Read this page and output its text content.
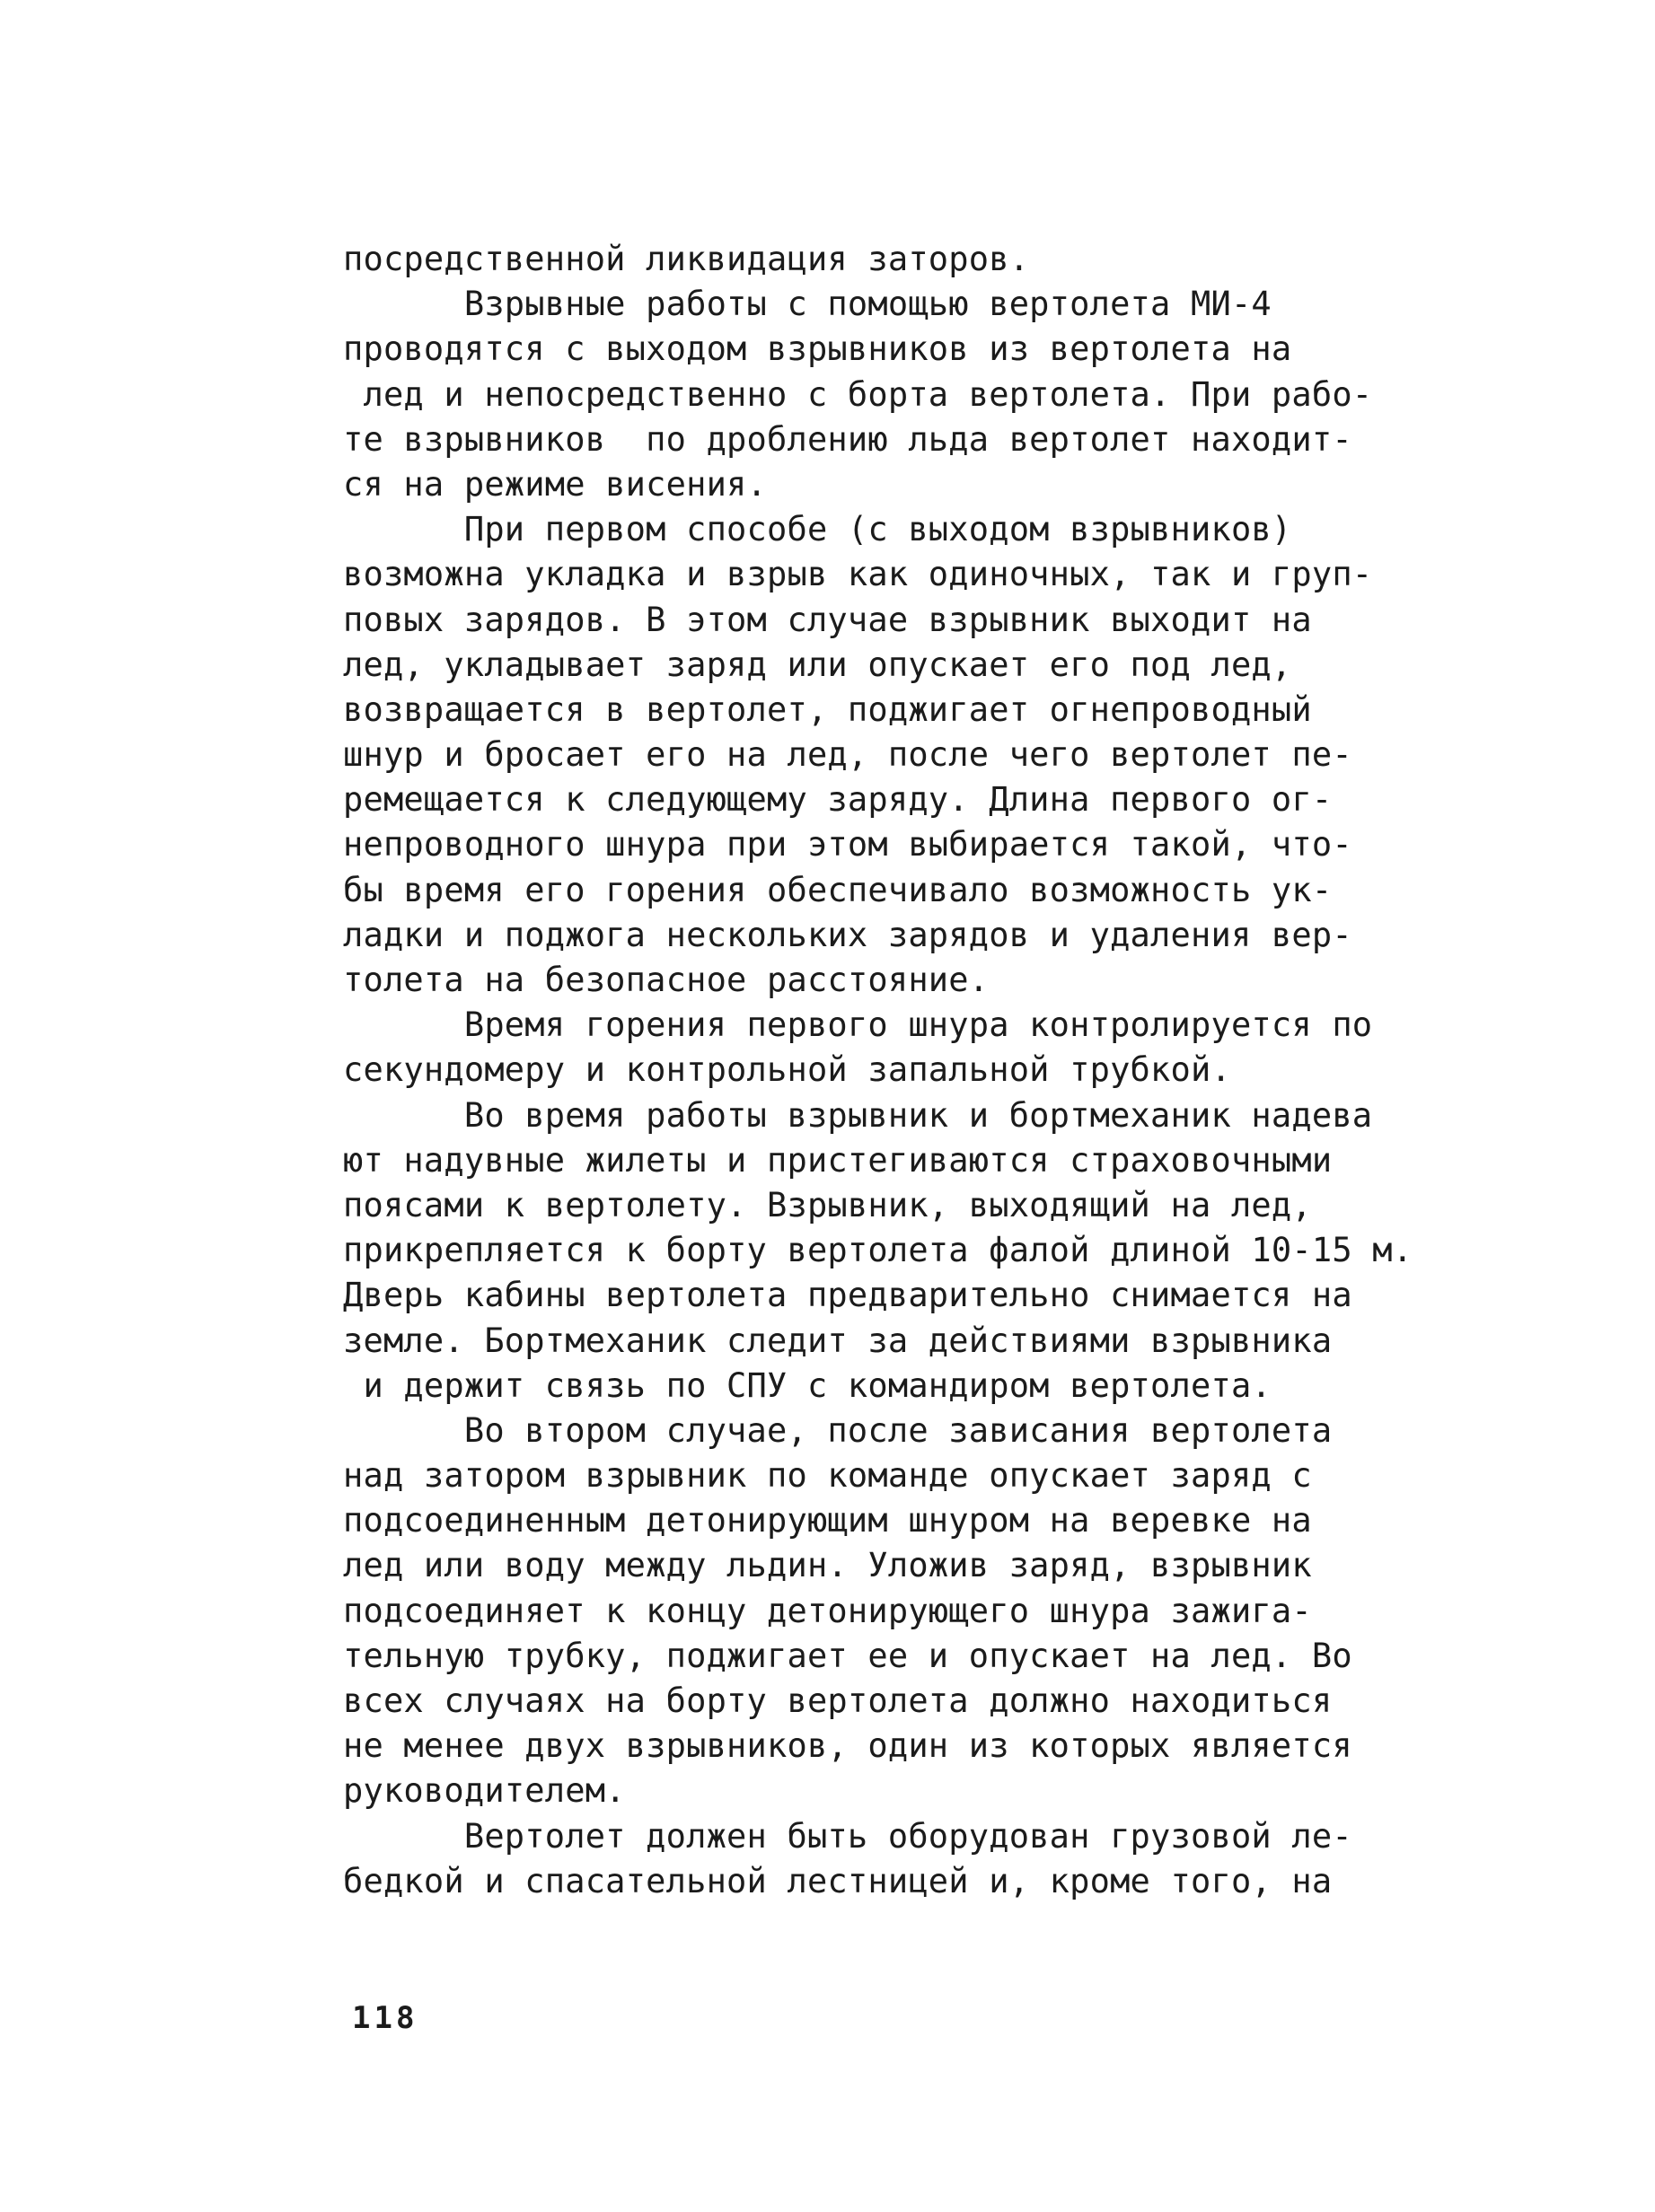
посредственной ликвидация заторов.
Взрывные работы с помощью вертолета МИ-4
проводятся с выходом взрывников из вертолета на
лед и непосредственно с борта вертолета. При рабо-
те взрывников  по дроблению льда вертолет находит-
ся на режиме висения.
При первом способе (с выходом взрывников)
возможна укладка и взрыв как одиночных, так и груп-
повых зарядов. В этом случае взрывник выходит на
лед, укладывает заряд или опускает его под лед,
возвращается в вертолет, поджигает огнепроводный
шнур и бросает его на лед, после чего вертолет пе-
ремещается к следующему заряду. Длина первого ог-
непроводного шнура при этом выбирается такой, что-
бы время его горения обеспечивало возможность ук-
ладки и поджога нескольких зарядов и удаления вер-
толета на безопасное расстояние.
Время горения первого шнура контролируется по
секундомеру и контрольной запальной трубкой.
Во время работы взрывник и бортмеханик надева
ют надувные жилеты и пристегиваются страховочными
поясами к вертолету. Взрывник, выходящий на лед,
прикрепляется к борту вертолета фалой длиной 10-15 м.
Дверь кабины вертолета предварительно снимается на
земле. Бортмеханик следит за действиями взрывника
и держит связь по СПУ с командиром вертолета.
Во втором случае, после зависания вертолета
над затором взрывник по команде опускает заряд с
подсоединенным детонирующим шнуром на веревке на
лед или воду между льдин. Уложив заряд, взрывник
подсоединяет к концу детонирующего шнура зажига-
тельную трубку, поджигает ее и опускает на лед. Во
всех случаях на борту вертолета должно находиться
не менее двух взрывников, один из которых является
руководителем.
Вертолет должен быть оборудован грузовой ле-
бедкой и спасательной лестницей и, кроме того, на
118
